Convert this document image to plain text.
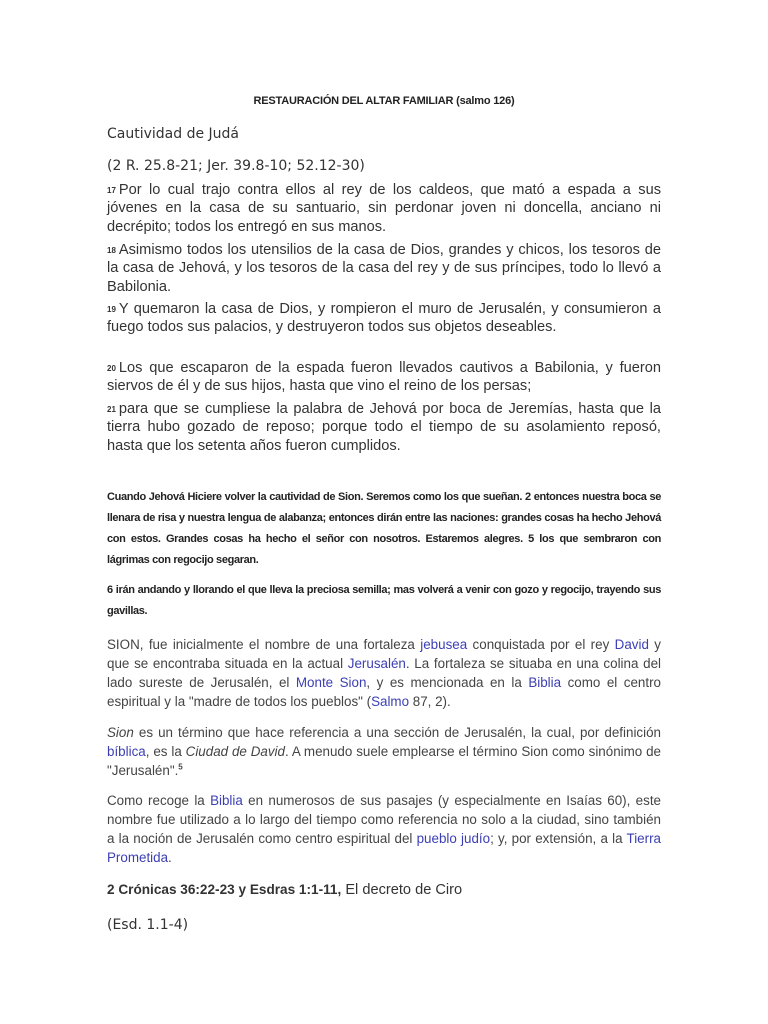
RESTAURACIÓN DEL ALTAR FAMILIAR (salmo 126)

Cautividad de Judá

(2 R. 25.8-21; Jer. 39.8-10; 52.12-30)

$^{17}$ Por lo cual trajo contra ellos al rey de los caldeos, que mató a espada a sus jóvenes en la casa de su santuario, sin perdonar joven ni doncella, anciano ni decrépito; todos los entregó en sus manos.

$^{18}$ Asimismo todos los utensilios de la casa de Dios, grandes y chicos, los tesoros de la casa de Jehová, y los tesoros de la casa del rey y de sus príncipes, todo lo llevó a Babilonia.

$^{19}$ Y quemaron la casa de Dios, y rompieron el muro de Jerusalén, y consumieron a fuego todos sus palacios, y destruyeron todos sus objetos deseables.

$^{20}$ Los que escaparon de la espada fueron llevados cautivos a Babilonia, y fueron siervos de él y de sus hijos, hasta que vino el reino de los persas;

$^{21}$ para que se cumpliese la palabra de Jehová por boca de Jeremías, hasta que la tierra hubo gozado de reposo; porque todo el tiempo de su asolamiento reposó, hasta que los setenta años fueron cumplidos.

Cuando Jehová Hiciere volver la cautividad de Sion. Seremos como los que sueñan. 2 entonces nuestra boca se llenara de risa y nuestra lengua de alabanza; entonces dirán entre las naciones: grandes cosas ha hecho Jehová con estos. Grandes cosas ha hecho el señor con nosotros. Estaremos alegres. 5 los que sembraron con lágrimas con regocijo segaran.

6 irán andando y llorando el que lleva la preciosa semilla; mas volverá a venir con gozo y regocijo, trayendo sus gavillas.

SION, fue inicialmente el nombre de una fortaleza jebusea conquistada por el rey David y que se encontraba situada en la actual Jerusalén. La fortaleza se situaba en una colina del lado sureste de Jerusalén, el Monte Sion, y es mencionada en la Biblia como el centro espiritual y la "madre de todos los pueblos" (Salmo 87, 2).

Sion es un término que hace referencia a una sección de Jerusalén, la cual, por definición bíblica, es la Ciudad de David. A menudo suele emplearse el término Sion como sinónimo de "Jerusalén".$^5$

Como recoge la Biblia en numerosos de sus pasajes (y especialmente en Isaías 60), este nombre fue utilizado a lo largo del tiempo como referencia no solo a la ciudad, sino también a la noción de Jerusalén como centro espiritual del pueblo judío; y, por extensión, a la Tierra Prometida.

2 Crónicas 36:22-23 y Esdras 1:1-11, El decreto de Ciro

(Esd. 1.1-4)
